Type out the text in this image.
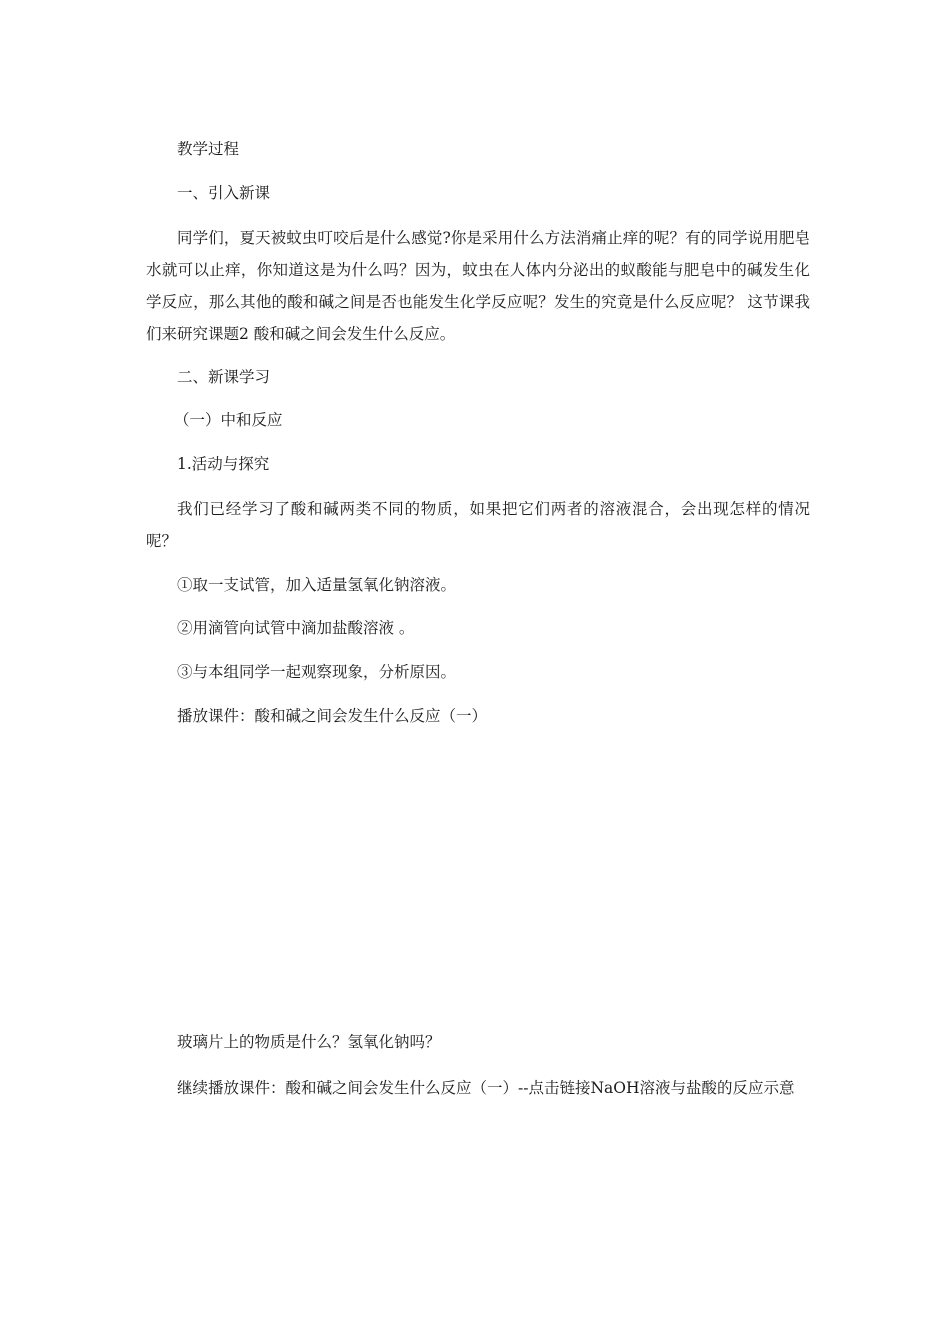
教学过程

一、引入新课

同学们，夏天被蚊虫叮咬后是什么感觉?你是采用什么方法消痛止痒的呢？有的同学说用肥皂水就可以止痒，你知道这是为什么吗？因为，蚊虫在人体内分泌出的蚁酸能与肥皂中的碱发生化学反应，那么其他的酸和碱之间是否也能发生化学反应呢？发生的究竟是什么反应呢？ 这节课我们来研究课题2 酸和碱之间会发生什么反应。

二、新课学习

（一）中和反应

1.活动与探究

我们已经学习了酸和碱两类不同的物质，如果把它们两者的溶液混合，会出现怎样的情况呢？

①取一支试管，加入适量氢氧化钠溶液。

②用滴管向试管中滴加盐酸溶液 。

③与本组同学一起观察现象，分析原因。

播放课件：酸和碱之间会发生什么反应（一）

玻璃片上的物质是什么？氢氧化钠吗？

继续播放课件：酸和碱之间会发生什么反应（一）--点击链接NaOH溶液与盐酸的反应示意
